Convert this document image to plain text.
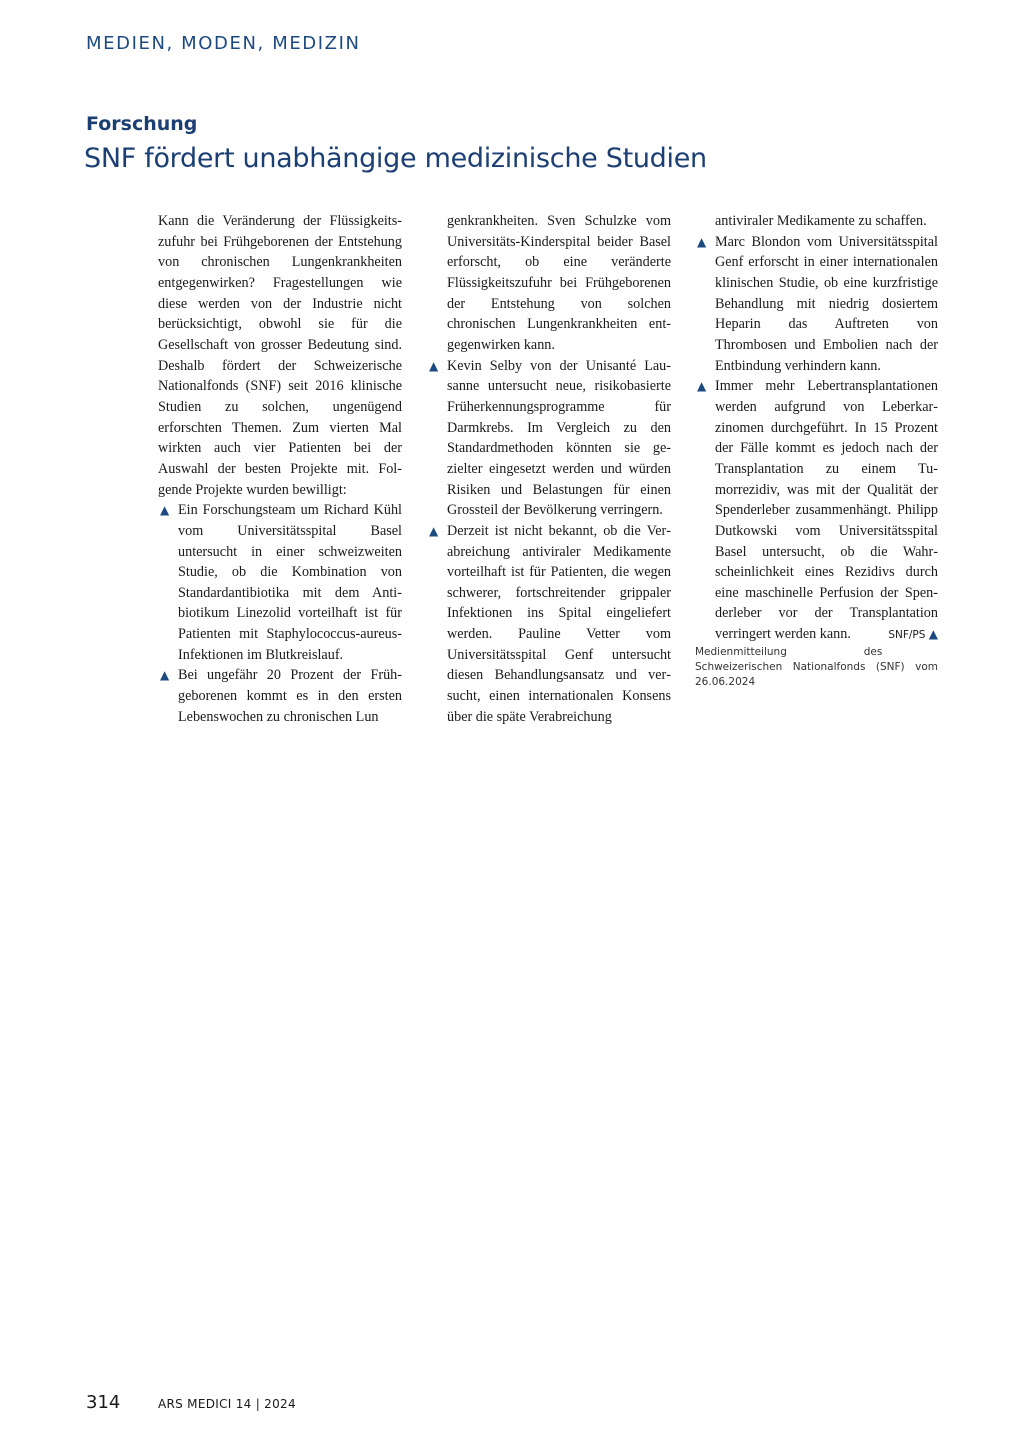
MEDIEN, MODEN, MEDIZIN
Forschung
SNF fördert unabhängige medizinische Studien

Kann die Veränderung der Flüssigkeitszufuhr bei Frühgeborenen der Entstehung von chronischen Lungenkrankheiten entgegenwirken? Fragestellungen wie diese werden von der Industrie nicht berücksichtigt, obwohl sie für die Gesellschaft von grosser Bedeutung sind. Deshalb fördert der Schweizerische Nationalfonds (SNF) seit 2016 klinische Studien zu solchen, ungenügend erforschten Themen. Zum vierten Mal wirkten auch vier Patienten bei der Auswahl der besten Projekte mit. Folgende Projekte wurden bewilligt:

▲ Ein Forschungsteam um Richard Kühl vom Universitätsspital Basel untersucht in einer schweizweiten Studie, ob die Kombination von Standardantibiotika mit dem Antibiotikum Linezolid vorteilhaft ist für Patienten mit Staphylococcus-aureus-Infektionen im Blutkreislauf.

▲ Bei ungefähr 20 Prozent der Frühgeborenen kommt es in den ersten Lebenswochen zu chronischen Lun

genkrankheiten. Sven Schulzke vom Universitäts-Kinderspital beider Basel erforscht, ob eine veränderte Flüssigkeitszufuhr bei Frühgeborenen der Entstehung von solchen chronischen Lungenkrankheiten entgegenwirken kann.

▲ Kevin Selby von der Unisanté Lausanne untersucht neue, risikobasierte Früherkennungsprogramme für Darmkrebs. Im Vergleich zu den Standardmethoden könnten sie gezielter eingesetzt werden und würden Risiken und Belastungen für einen Grossteil der Bevölkerung verringern.

▲ Derzeit ist nicht bekannt, ob die Verabreichung antiviraler Medikamente vorteilhaft ist für Patienten, die wegen schwerer, fortschreitender grippaler Infektionen ins Spital eingeliefert werden. Pauline Vetter vom Universitätsspital Genf untersucht diesen Behandlungsansatz und versucht, einen internationalen Konsens über die späte Verabreichung

antiviraler Medikamente zu schaffen.

▲ Marc Blondon vom Universitätsspital Genf erforscht in einer internationalen klinischen Studie, ob eine kurzfristige Behandlung mit niedrig dosiertem Heparin das Auftreten von Thrombosen und Embolien nach der Entbindung verhindern kann.

▲ Immer mehr Lebertransplantationen werden aufgrund von Leberkarzinomen durchgeführt. In 15 Prozent der Fälle kommt es jedoch nach der Transplantation zu einem Tumorrezidiv, was mit der Qualität der Spenderleber zusammenhängt. Philipp Dutkowski vom Universitätsspital Basel untersucht, ob die Wahrscheinlichkeit eines Rezidivs durch eine maschinelle Perfusion der Spenderleber vor der Transplantation verringert werden kann.	SNF/PS ▲

Medienmitteilung des Schweizerischen Nationalfonds (SNF) vom 26.06.2024

314	ARS MEDICI 14 | 2024
